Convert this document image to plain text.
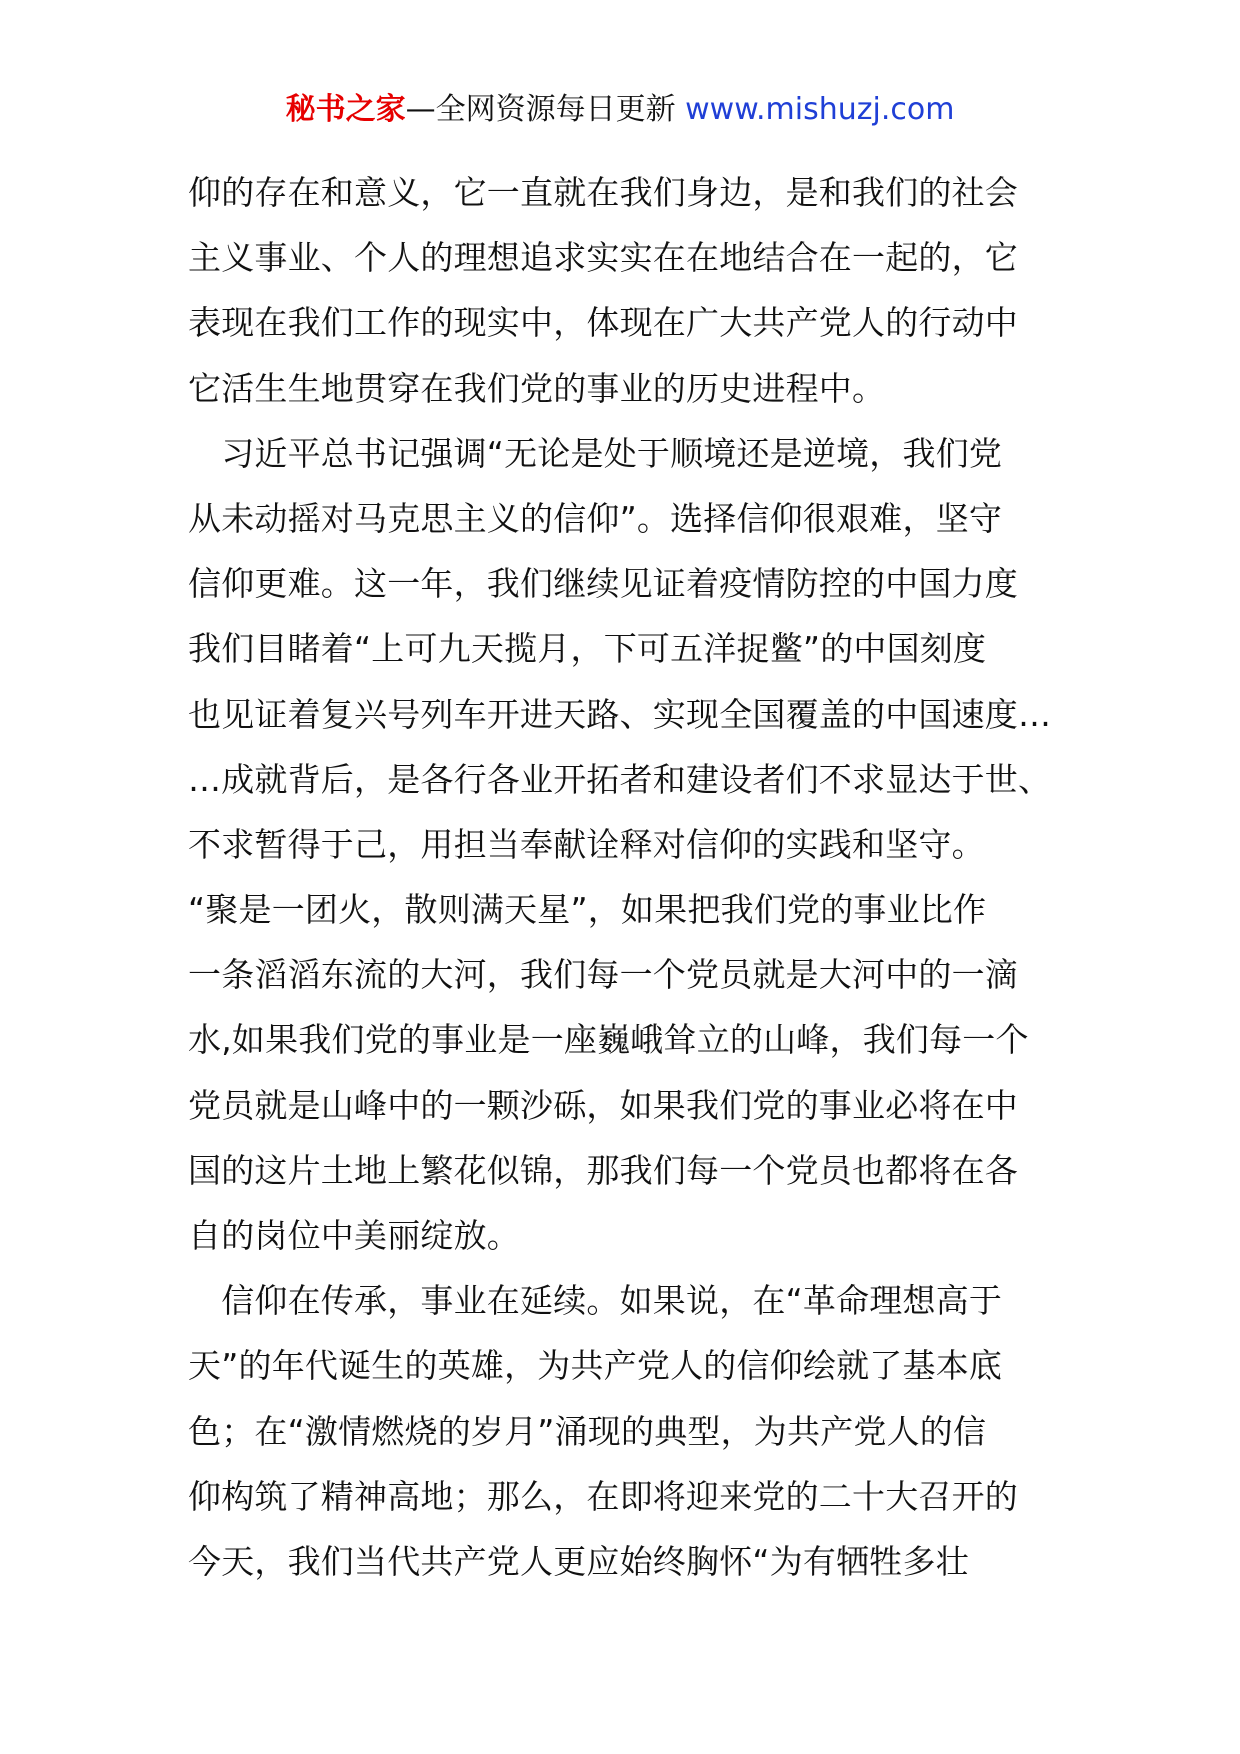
秘书之家—全网资源每日更新 www.mishuzj.com
仰的存在和意义，它一直就在我们身边，是和我们的社会
主义事业、个人的理想追求实实在在地结合在一起的，它
表现在我们工作的现实中，体现在广大共产党人的行动中
它活生生地贯穿在我们党的事业的历史进程中。
　习近平总书记强调“无论是处于顺境还是逆境，我们党
从未动摇对马克思主义的信仰”。选择信仰很艰难，坚守
信仰更难。这一年，我们继续见证着疫情防控的中国力度
我们目睹着“上可九天揽月，下可五洋捉鳖”的中国刻度
也见证着复兴号列车开进天路、实现全国覆盖的中国速度…
…成就背后，是各行各业开拓者和建设者们不求显达于世、
不求暂得于己，用担当奉献诠释对信仰的实践和坚守。
“聚是一团火，散则满天星”，如果把我们党的事业比作
一条滔滔东流的大河，我们每一个党员就是大河中的一滴
水,如果我们党的事业是一座巍峨耸立的山峰，我们每一个
党员就是山峰中的一颗沙砾，如果我们党的事业必将在中
国的这片土地上繁花似锦，那我们每一个党员也都将在各
自的岗位中美丽绽放。
　信仰在传承，事业在延续。如果说，在“革命理想高于
天”的年代诞生的英雄，为共产党人的信仰绘就了基本底
色；在“激情燃烧的岁月”涌现的典型，为共产党人的信
仰构筑了精神高地；那么，在即将迎来党的二十大召开的
今天，我们当代共产党人更应始终胸怀“为有牺牲多壮
